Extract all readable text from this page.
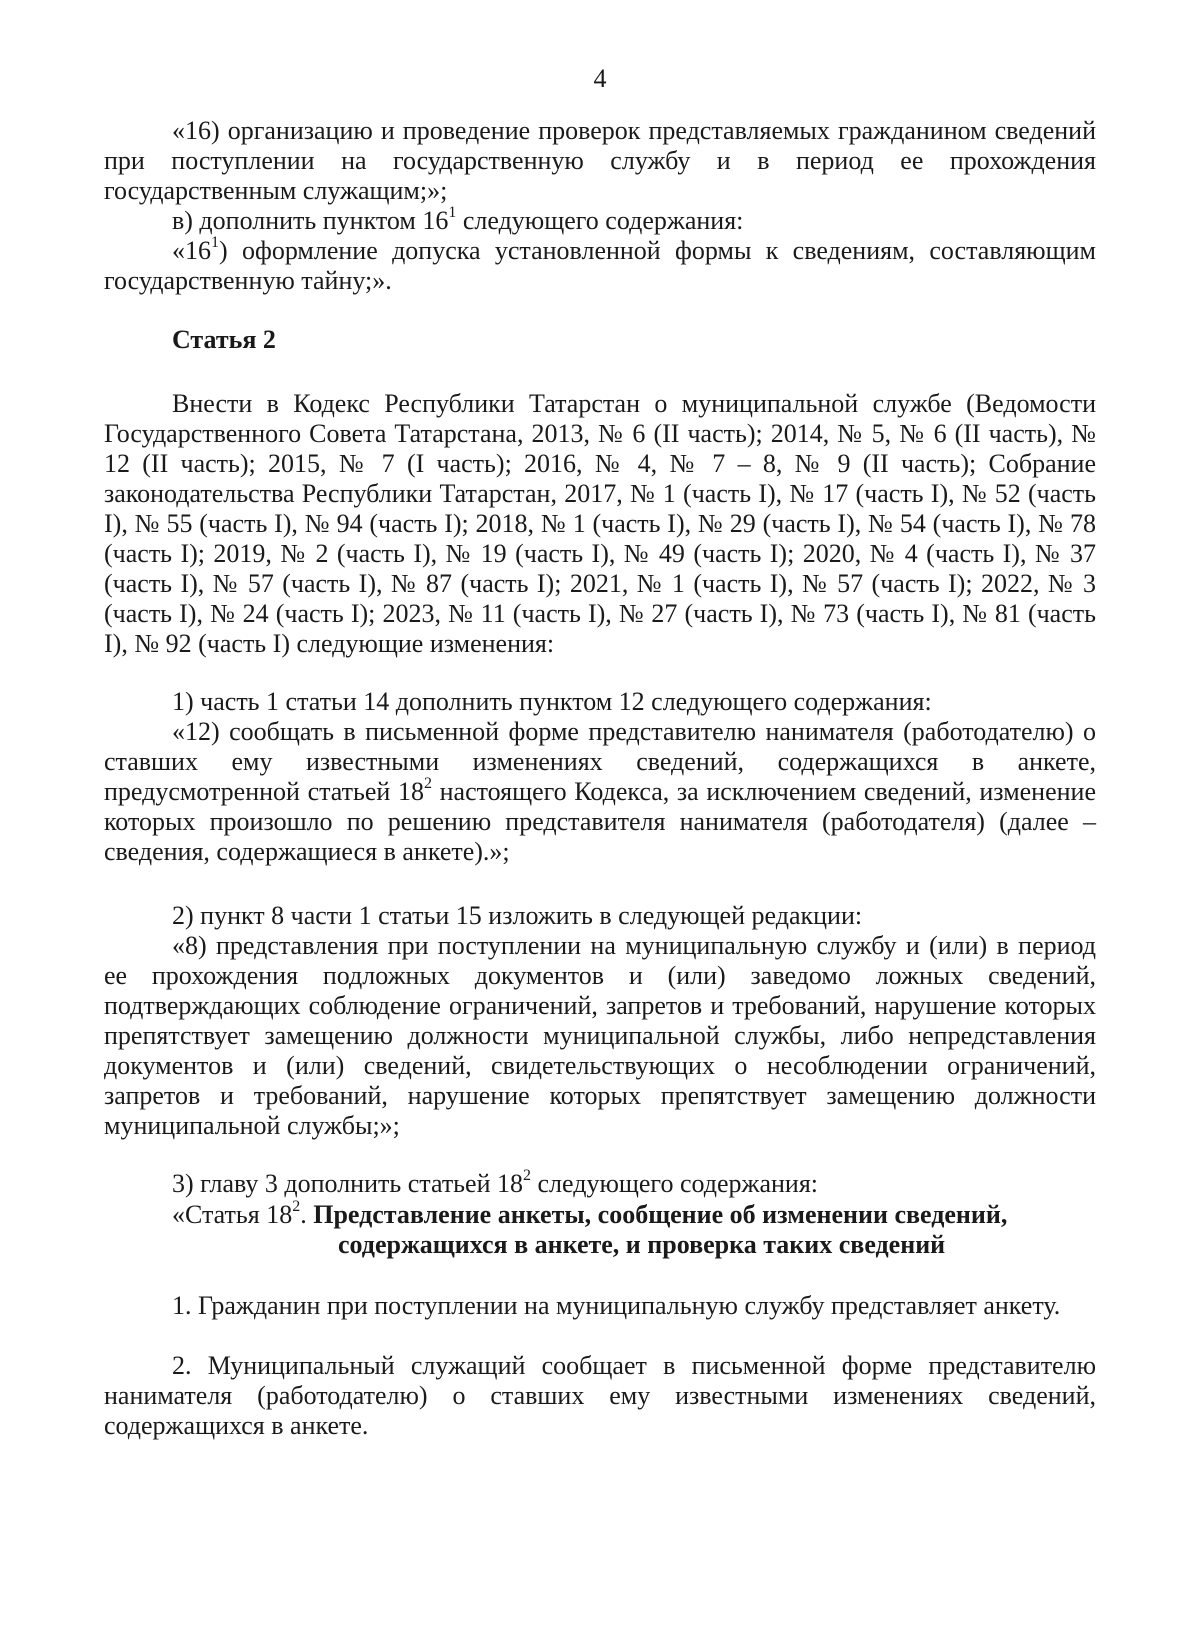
4
«16) организацию и проведение проверок представляемых гражданином сведений при поступлении на государственную службу и в период ее прохождения государственным служащим;»;
в) дополнить пунктом $16^1$ следующего содержания:
«$16^1$) оформление допуска установленной формы к сведениям, составляющим государственную тайну;».
Статья 2
Внести в Кодекс Республики Татарстан о муниципальной службе (Ведомости Государственного Совета Татарстана, 2013, № 6 (II часть); 2014, № 5, № 6 (II часть), № 12 (II часть); 2015, № 7 (I часть); 2016, № 4, № 7 – 8, № 9 (II часть); Собрание законодательства Республики Татарстан, 2017, № 1 (часть I), № 17 (часть I), № 52 (часть I), № 55 (часть I), № 94 (часть I); 2018, № 1 (часть I), № 29 (часть I), № 54 (часть I), № 78 (часть I); 2019, № 2 (часть I), № 19 (часть I), № 49 (часть I); 2020, № 4 (часть I), № 37 (часть I), № 57 (часть I), № 87 (часть I); 2021, № 1 (часть I), № 57 (часть I); 2022, № 3 (часть I), № 24 (часть I); 2023, № 11 (часть I), № 27 (часть I), № 73 (часть I), № 81 (часть I), № 92 (часть I) следующие изменения:
1) часть 1 статьи 14 дополнить пунктом 12 следующего содержания:
«12) сообщать в письменной форме представителю нанимателя (работодателю) о ставших ему известными изменениях сведений, содержащихся в анкете, предусмотренной статьей $18^2$ настоящего Кодекса, за исключением сведений, изменение которых произошло по решению представителя нанимателя (работодателя) (далее – сведения, содержащиеся в анкете).»;
2) пункт 8 части 1 статьи 15 изложить в следующей редакции:
«8) представления при поступлении на муниципальную службу и (или) в период ее прохождения подложных документов и (или) заведомо ложных сведений, подтверждающих соблюдение ограничений, запретов и требований, нарушение которых препятствует замещению должности муниципальной службы, либо непредставления документов и (или) сведений, свидетельствующих о несоблюдении ограничений, запретов и требований, нарушение которых препятствует замещению должности муниципальной службы;»;
3) главу 3 дополнить статьей $18^2$ следующего содержания:
«Статья $18^2$. Представление анкеты, сообщение об изменении сведений,
содержащихся в анкете, и проверка таких сведений
1. Гражданин при поступлении на муниципальную службу представляет анкету.
2. Муниципальный служащий сообщает в письменной форме представителю нанимателя (работодателю) о ставших ему известными изменениях сведений, содержащихся в анкете.
